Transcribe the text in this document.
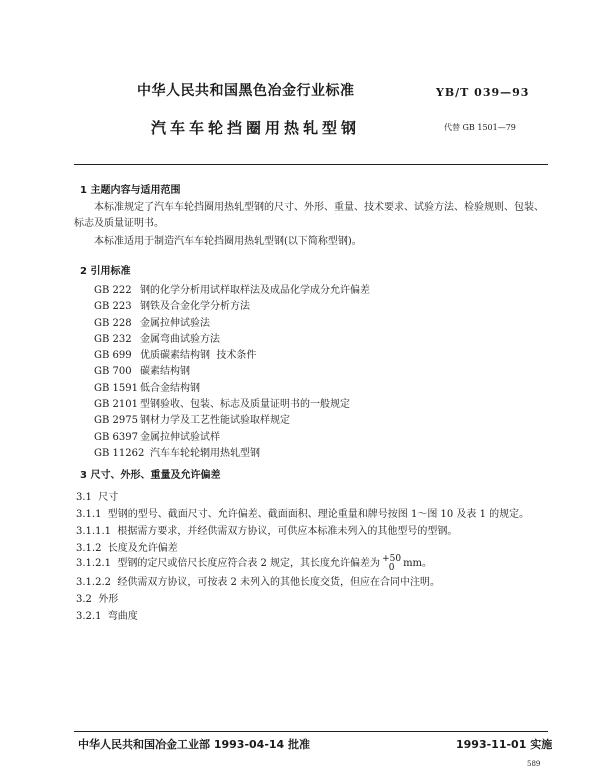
中华人民共和国黑色冶金行业标准	YB/T 039—93
汽车车轮挡圈用热轧型钢	代替 GB 1501—79
1 主题内容与适用范围
本标准规定了汽车车轮挡圈用热轧型钢的尺寸、外形、重量、技术要求、试验方法、检验规则、包装、标志及质量证明书。
本标准适用于制造汽车车轮挡圈用热轧型钢(以下简称型钢)。
2 引用标准
GB 222 钢的化学分析用试样取样法及成品化学成分允许偏差
GB 223 钢铁及合金化学分析方法
GB 228 金属拉伸试验法
GB 232 金属弯曲试验方法
GB 699 优质碳素结构钢  技术条件
GB 700 碳素结构钢
GB 1591 低合金结构钢
GB 2101 型钢验收、包装、标志及质量证明书的一般规定
GB 2975 钢材力学及工艺性能试验取样规定
GB 6397 金属拉伸试验试样
GB 11262 汽车车轮轮辋用热轧型钢
3 尺寸、外形、重量及允许偏差
3.1  尺寸
3.1.1  型钢的型号、截面尺寸、允许偏差、截面面积、理论重量和牌号按图 1～图 10 及表 1 的规定。
3.1.1.1  根据需方要求，并经供需双方协议，可供应本标准未列入的其他型号的型钢。
3.1.2  长度及允许偏差
3.1.2.1  型钢的定尺或倍尺长度应符合表 2 规定，其长度允许偏差为 +50
0 mm。
3.1.2.2  经供需双方协议，可按表 2 未列入的其他长度交货，但应在合同中注明。
3.2  外形
3.2.1  弯曲度
中华人民共和国冶金工业部 1993-04-14 批准	1993-11-01 实施
589
